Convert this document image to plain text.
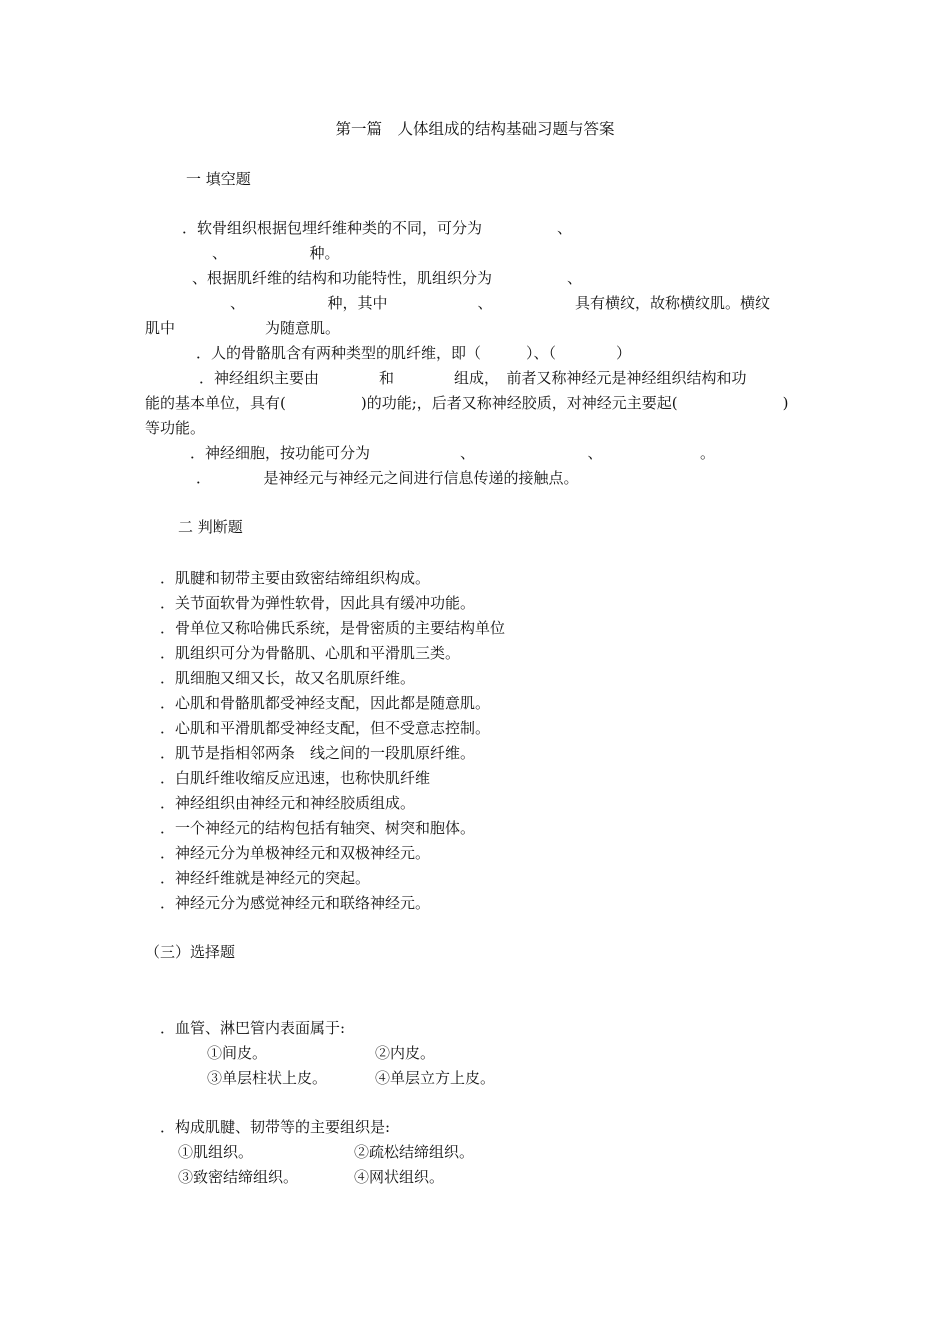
第一篇　人体组成的结构基础习题与答案
一 填空题
．软骨组织根据包埋纤维种类的不同，可分为　　　　　、
、　　　　　　种。
、根据肌纤维的结构和功能特性，肌组织分为　　　　　、
、　　　　　　种，其中　　　　　　、　　　　　　具有横纹，故称横纹肌。横纹
肌中　　　　　　为随意肌。
．人的骨骼肌含有两种类型的肌纤维，即（　　　）、（　　　　）
．神经组织主要由　　　　和　　　　组成，　前者又称神经元是神经组织结构和功
能的基本单位，具有(　　　　　)的功能;，后者又称神经胶质，对神经元主要起(　　　　　　　)
等功能。
．神经细胞，按功能可分为　　　　　　、　　　　　　　　、　　　　　　　。
．　　　　是神经元与神经元之间进行信息传递的接触点。
二 判断题
．肌腱和韧带主要由致密结缔组织构成。
．关节面软骨为弹性软骨，因此具有缓冲功能。
．骨单位又称哈佛氏系统，是骨密质的主要结构单位
．肌组织可分为骨骼肌、心肌和平滑肌三类。
．肌细胞又细又长，故又名肌原纤维。
．心肌和骨骼肌都受神经支配，因此都是随意肌。
．心肌和平滑肌都受神经支配，但不受意志控制。
．肌节是指相邻两条　线之间的一段肌原纤维。
．白肌纤维收缩反应迅速，也称快肌纤维
．神经组织由神经元和神经胶质组成。
．一个神经元的结构包括有轴突、树突和胞体。
．神经元分为单极神经元和双极神经元。
．神经纤维就是神经元的突起。
．神经元分为感觉神经元和联络神经元。
（三）选择题
．血管、淋巴管内表面属于:
①间皮。	②内皮。
③单层柱状上皮。	④单层立方上皮。
．构成肌腱、韧带等的主要组织是:
①肌组织。	②疏松结缔组织。
③致密结缔组织。	④网状组织。
